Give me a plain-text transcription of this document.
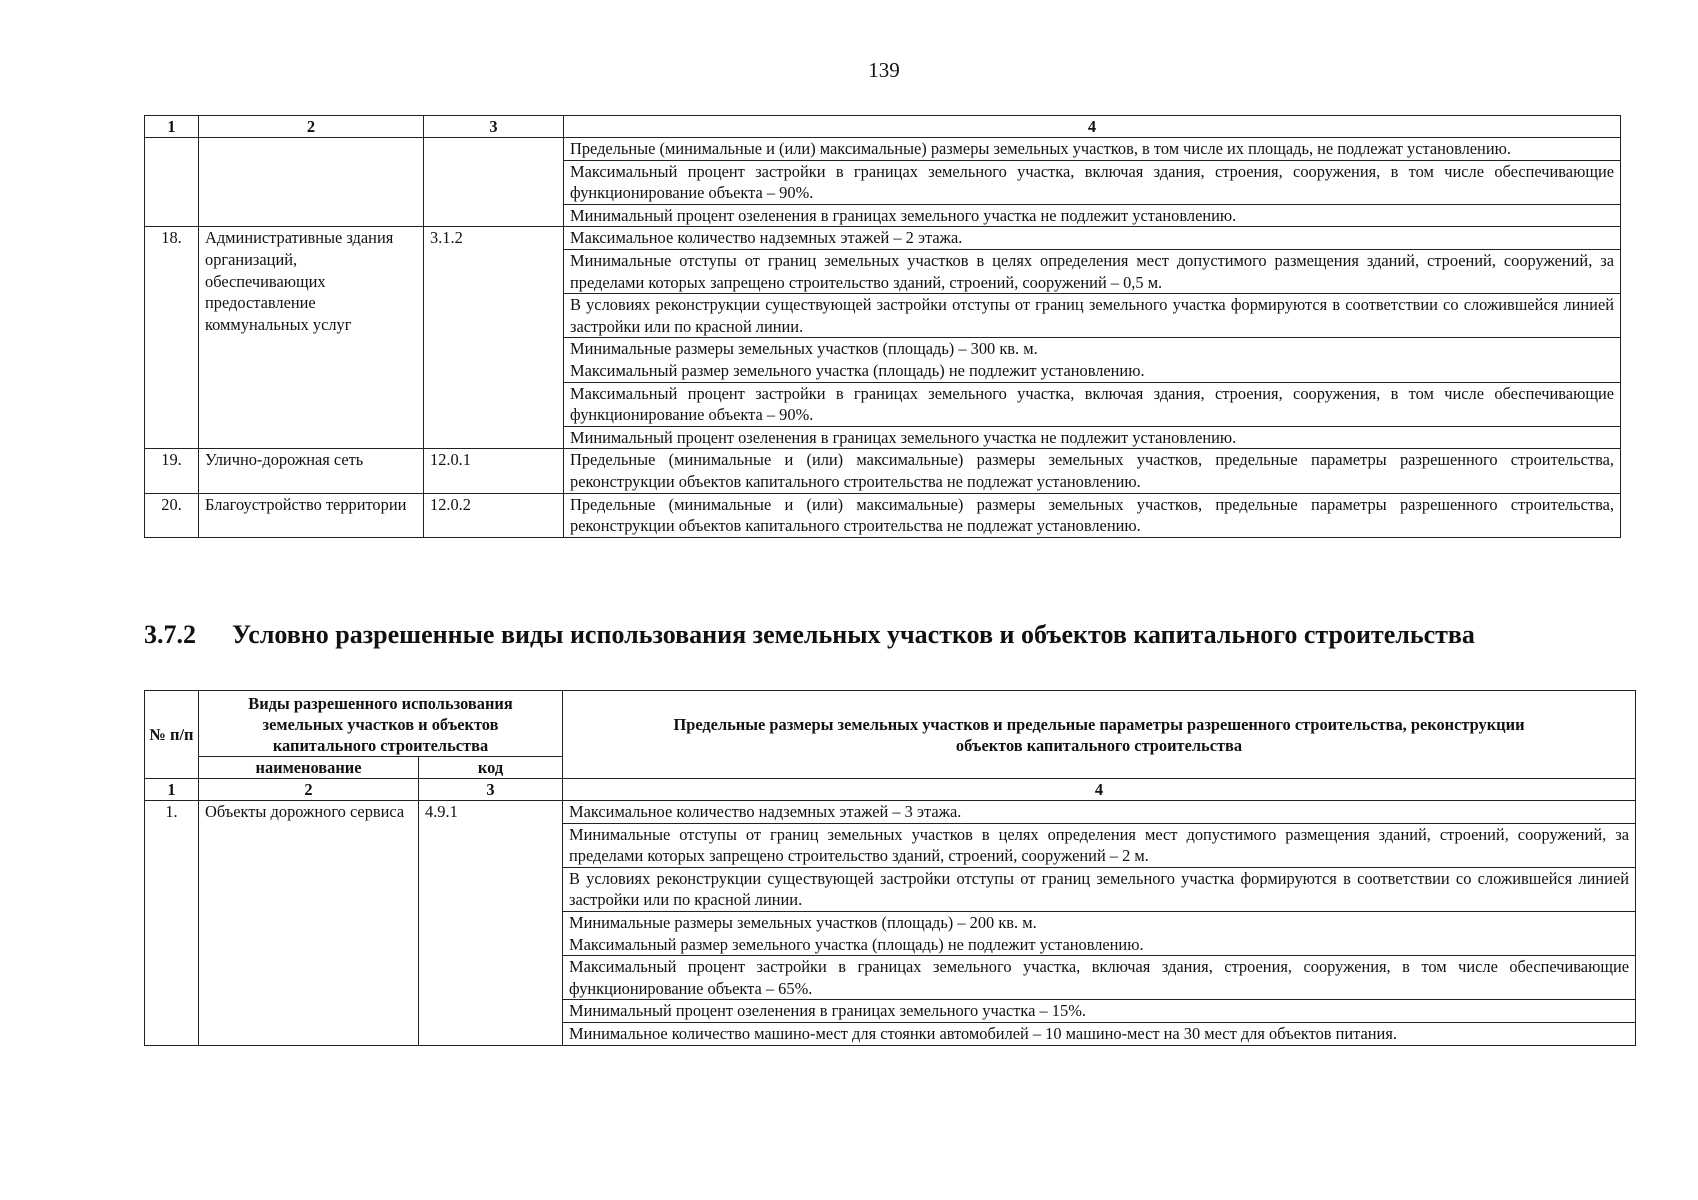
139
1	2	3	4
			Предельные (минимальные и (или) максимальные) размеры земельных участков, в том числе их площадь, не подлежат установлению.
			Максимальный процент застройки в границах земельного участка, включая здания, строения, сооружения, в том числе обеспечивающие функционирование объекта – 90%.
			Минимальный процент озеленения в границах земельного участка не подлежит установлению.
18.	Административные здания организаций, обеспечивающих предоставление коммунальных услуг	3.1.2	Максимальное количество надземных этажей – 2 этажа.
			Минимальные отступы от границ земельных участков в целях определения мест допустимого размещения зданий, строений, сооружений, за пределами которых запрещено строительство зданий, строений, сооружений – 0,5 м.
			В условиях реконструкции существующей застройки отступы от границ земельного участка формируются в соответствии со сложившейся линией застройки или по красной линии.
			Минимальные размеры земельных участков (площадь) – 300 кв. м.
Максимальный размер земельного участка (площадь) не подлежит установлению.
			Максимальный процент застройки в границах земельного участка, включая здания, строения, сооружения, в том числе обеспечивающие функционирование объекта – 90%.
			Минимальный процент озеленения в границах земельного участка не подлежит установлению.
19.	Улично-дорожная сеть	12.0.1	Предельные (минимальные и (или) максимальные) размеры земельных участков, предельные параметры разрешенного строительства, реконструкции объектов капитального строительства не подлежат установлению.
20.	Благоустройство территории	12.0.2	Предельные (минимальные и (или) максимальные) размеры земельных участков, предельные параметры разрешенного строительства, реконструкции объектов капитального строительства не подлежат установлению.
3.7.2 Условно разрешенные виды использования земельных участков и объектов капитального строительства
№ п/п	Виды разрешенного использования земельных участков и объектов капитального строительства		Предельные размеры земельных участков и предельные параметры разрешенного строительства, реконструкции объектов капитального строительства
	наименование	код	
1	2	3	4
1.	Объекты дорожного сервиса	4.9.1	Максимальное количество надземных этажей – 3 этажа.
			Минимальные отступы от границ земельных участков в целях определения мест допустимого размещения зданий, строений, сооружений, за пределами которых запрещено строительство зданий, строений, сооружений – 2 м.
			В условиях реконструкции существующей застройки отступы от границ земельного участка формируются в соответствии со сложившейся линией застройки или по красной линии.
			Минимальные размеры земельных участков (площадь) – 200 кв. м.
Максимальный размер земельного участка (площадь) не подлежит установлению.
			Максимальный процент застройки в границах земельного участка, включая здания, строения, сооружения, в том числе обеспечивающие функционирование объекта – 65%.
			Минимальный процент озеленения в границах земельного участка – 15%.
			Минимальное количество машино-мест для стоянки автомобилей – 10 машино-мест на 30 мест для объектов питания.
